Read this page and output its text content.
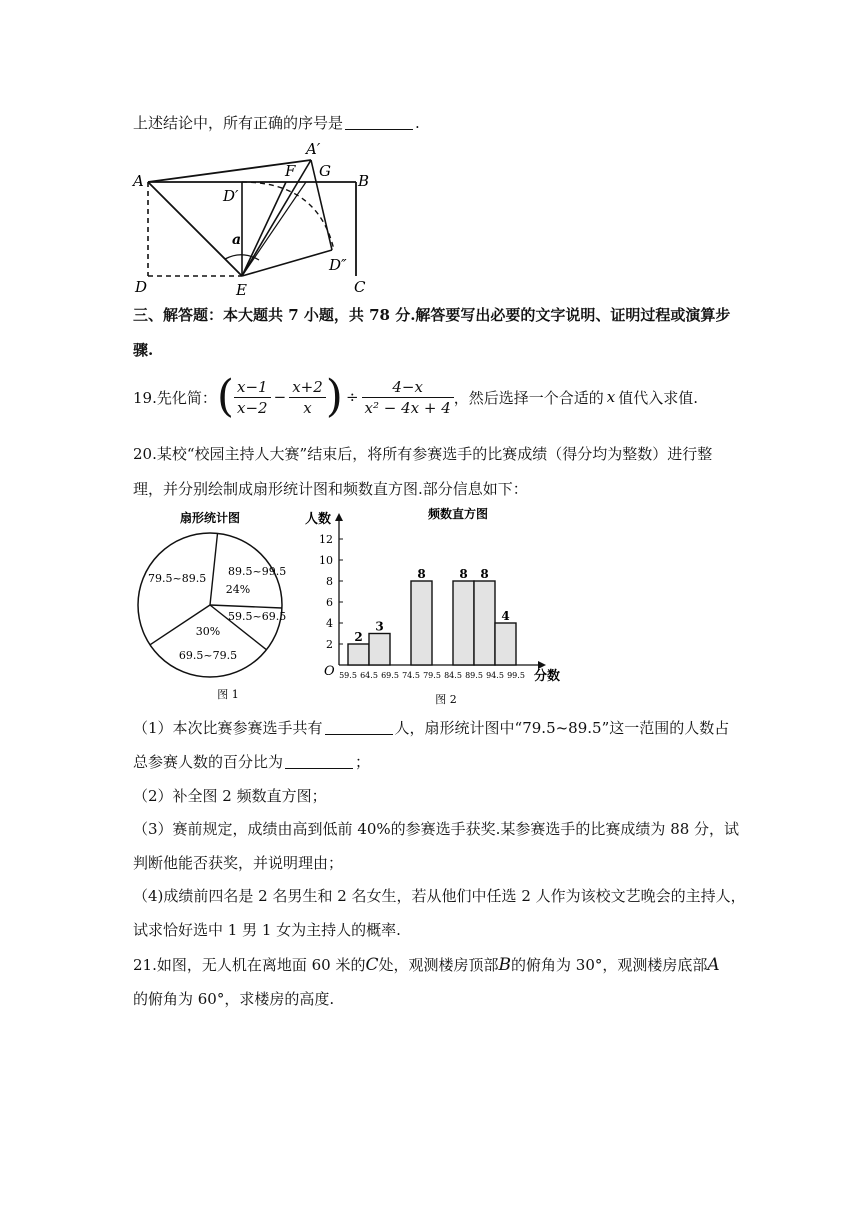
上述结论中，所有正确的序号是	.
A
A′
F G
B
D′
a
D″
D	E	C
三、解答题：本大题共 7 小题，共 78 分.解答要写出必要的文字说明、证明过程或演算步
骤.
19.先化简： ( $\frac{x-1}{x-2} - \frac{x+2}{x}$ ) ÷ $\frac{4-x}{\text{x² − 4x + 4}}$ ，然后选择一个合适的 x 值代入求值.
20.某校“校园主持人大赛”结束后，将所有参赛选手的比赛成绩（得分均为整数）进行整
理，并分别绘制成扇形统计图和频数直方图.部分信息如下：
扇形统计图
89.5~99.5
24%
59.5~69.5
30%
69.5~79.5
79.5~89.5
图 1
频数直方图
人数
分数
O
2
4
6
8
10
12
59.5 64.5 69.5 74.5 79.5 84.5 89.5 94.5 99.5
2
3
8	8 8
4
图 2
（1）本次比赛参赛选手共有	人，扇形统计图中“79.5~89.5”这一范围的人数占
总参赛人数的百分比为	；
（2）补全图 2 频数直方图；
（3）赛前规定，成绩由高到低前 40%的参赛选手获奖.某参赛选手的比赛成绩为 88 分，试
判断他能否获奖，并说明理由；
（4)成绩前四名是 2 名男生和 2 名女生，若从他们中任选 2 人作为该校文艺晚会的主持人，
试求恰好选中 1 男 1 女为主持人的概率.
21.如图，无人机在离地面 60 米的C处，观测楼房顶部B的俯角为 30°，观测楼房底部A
的俯角为 60°，求楼房的高度.
